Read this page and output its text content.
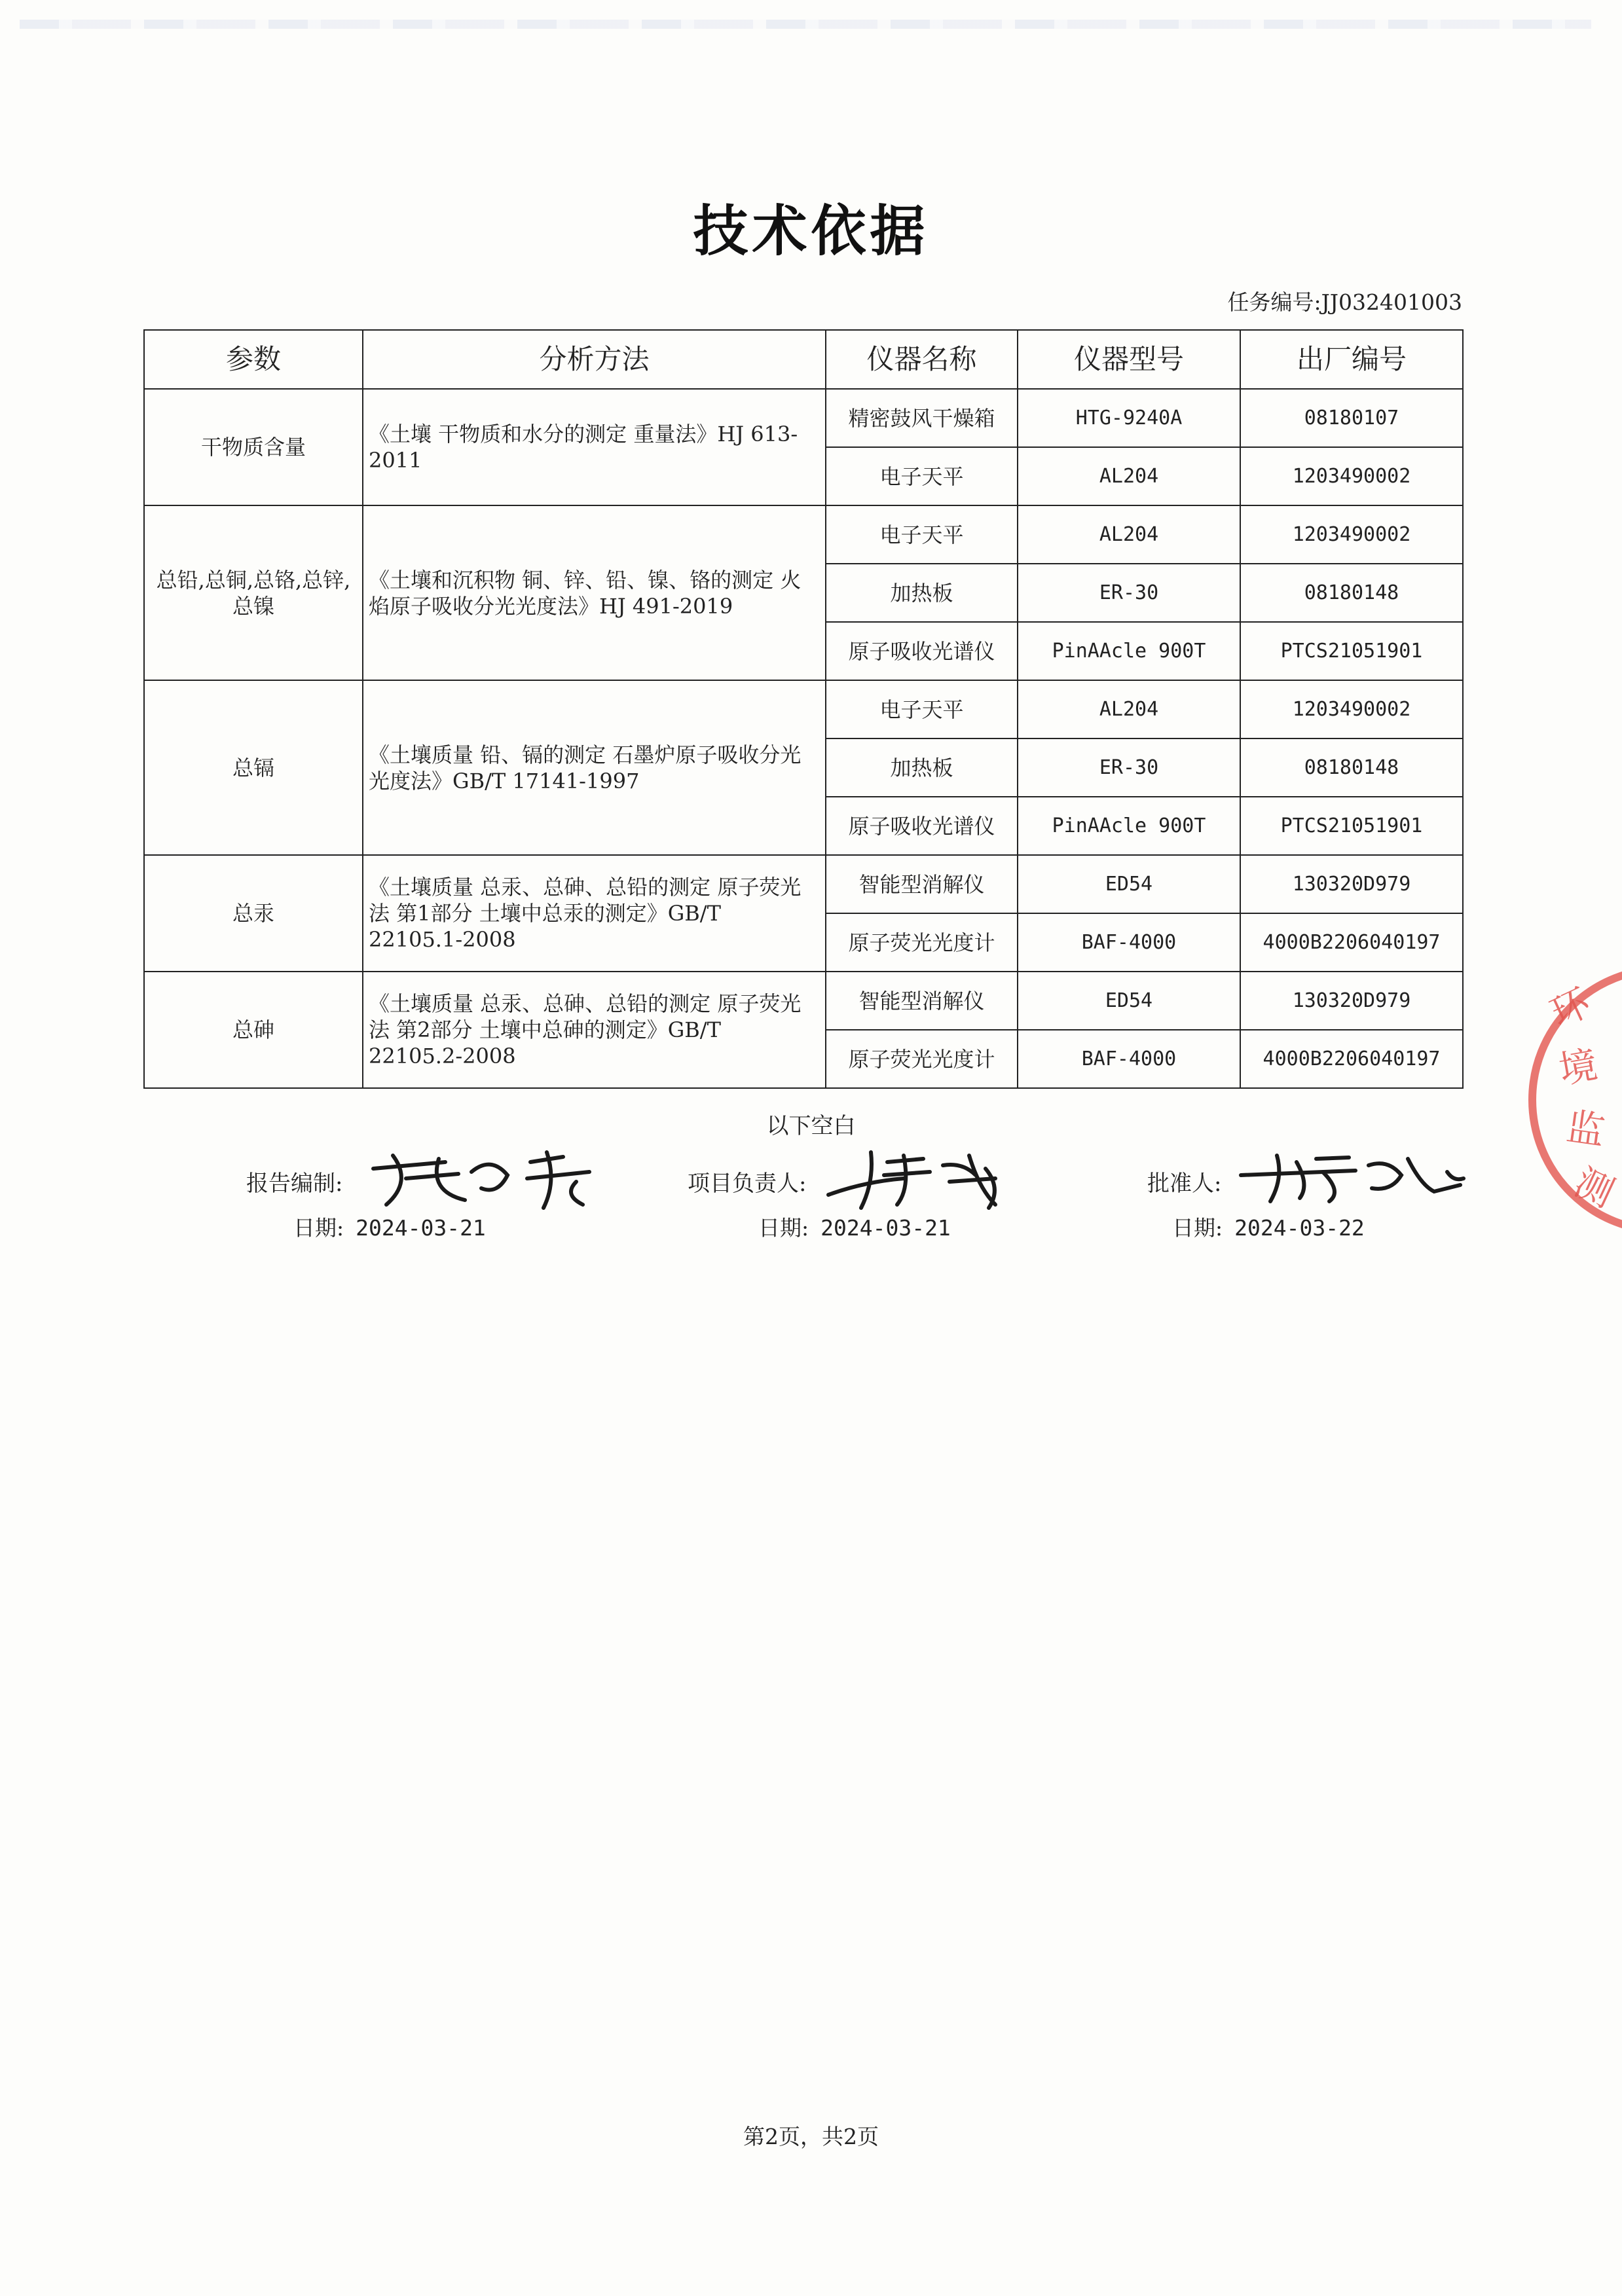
技术依据
任务编号:JJ032401003
参数	分析方法	仪器名称	仪器型号	出厂编号
干物质含量	《土壤 干物质和水分的测定 重量法》HJ 613-2011	精密鼓风干燥箱	HTG-9240A	08180107
		电子天平	AL204	1203490002
总铅,总铜,总铬,总锌,总镍	《土壤和沉积物 铜、锌、铅、镍、铬的测定 火焰原子吸收分光光度法》HJ 491-2019	电子天平	AL204	1203490002
		加热板	ER-30	08180148
		原子吸收光谱仪	PinAAcle 900T	PTCS21051901
总镉	《土壤质量 铅、镉的测定 石墨炉原子吸收分光光度法》GB/T 17141-1997	电子天平	AL204	1203490002
		加热板	ER-30	08180148
		原子吸收光谱仪	PinAAcle 900T	PTCS21051901
总汞	《土壤质量 总汞、总砷、总铅的测定 原子荧光法 第1部分 土壤中总汞的测定》GB/T 22105.1-2008	智能型消解仪	ED54	130320D979
		原子荧光光度计	BAF-4000	4000B2206040197
总砷	《土壤质量 总汞、总砷、总铅的测定 原子荧光法 第2部分 土壤中总砷的测定》GB/T 22105.2-2008	智能型消解仪	ED54	130320D979
		原子荧光光度计	BAF-4000	4000B2206040197
以下空白
报告编制:
日期: 2024-03-21
项目负责人:
日期: 2024-03-21
批准人:
日期: 2024-03-22
环
境
监
测
第2页，共2页
